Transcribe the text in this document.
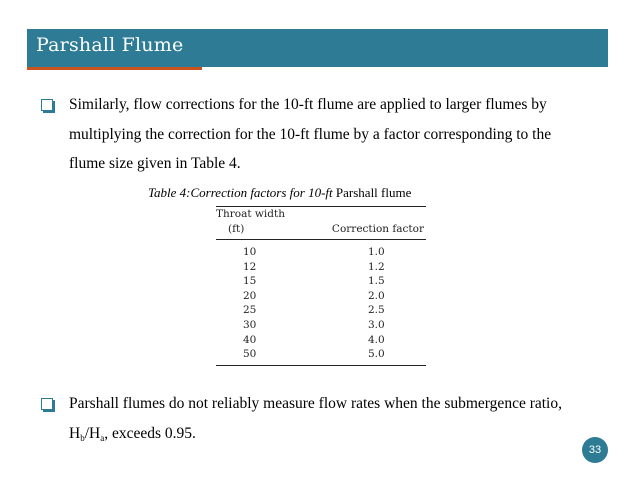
Parshall Flume
Similarly, flow corrections for the 10-ft flume are applied to larger flumes by
multiplying the correction for the 10-ft flume by a factor corresponding to the
flume size given in Table 4.
Table 4:Correction factors for 10-ft Parshall flume
Throat width
(ft)	Correction factor
10	1.0
12	1.2
15	1.5
20	2.0
25	2.5
30	3.0
40	4.0
50	5.0
Parshall flumes do not reliably measure flow rates when the submergence ratio,
$H_b/H_a$, exceeds 0.95.
33
